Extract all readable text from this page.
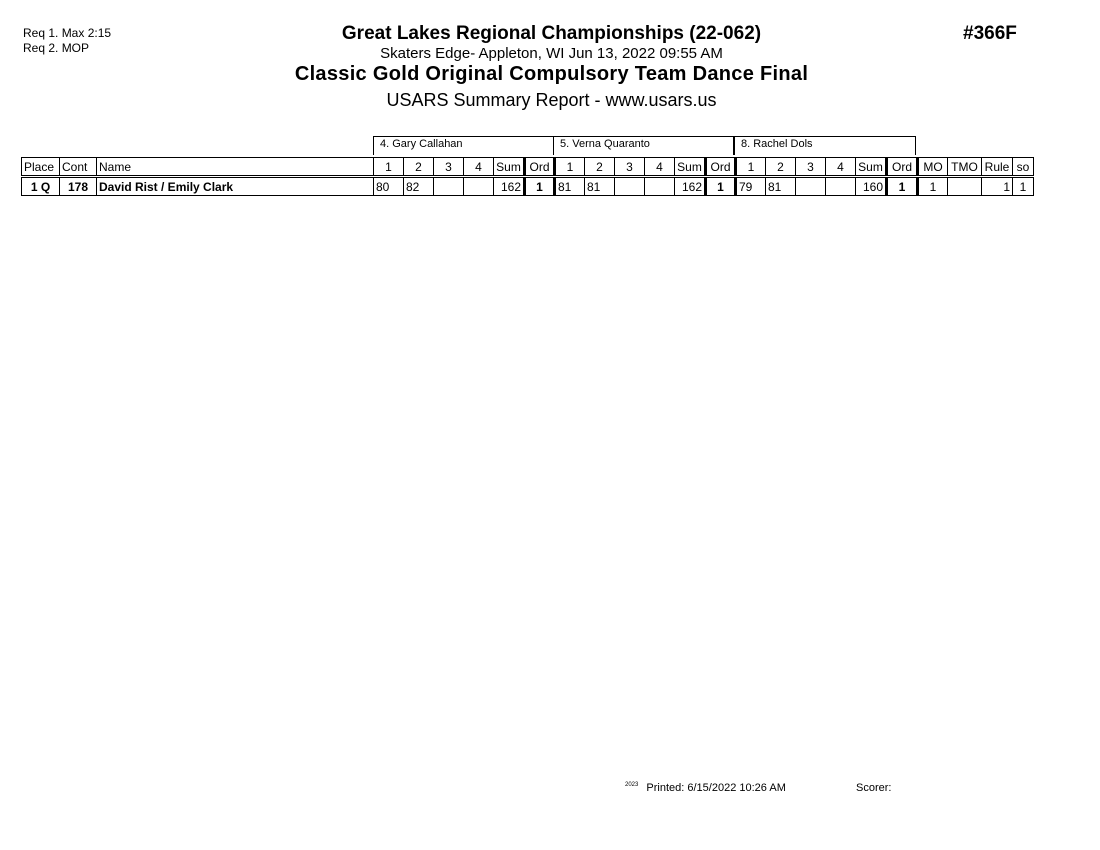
Req 1. Max 2:15
Req 2. MOP
Great Lakes Regional Championships (22-062)
Skaters Edge- Appleton, WI Jun 13, 2022 09:55 AM
Classic Gold Original Compulsory Team Dance Final
USARS Summary Report - www.usars.us
#366F
4. Gary Callahan	5. Verna Quaranto	8. Rachel Dols
Place	Cont	Name	1	2	3	4	Sum	Ord	1	2	3	4	Sum	Ord	1	2	3	4	Sum	Ord	MO	TMO	Rule	so
1 Q	178	David Rist / Emily Clark	80	82			162	1	81	81			162	1	79	81			160	1	1		1	1
$^{2023}$ Printed: 6/15/2022 10:26 AM	Scorer:
